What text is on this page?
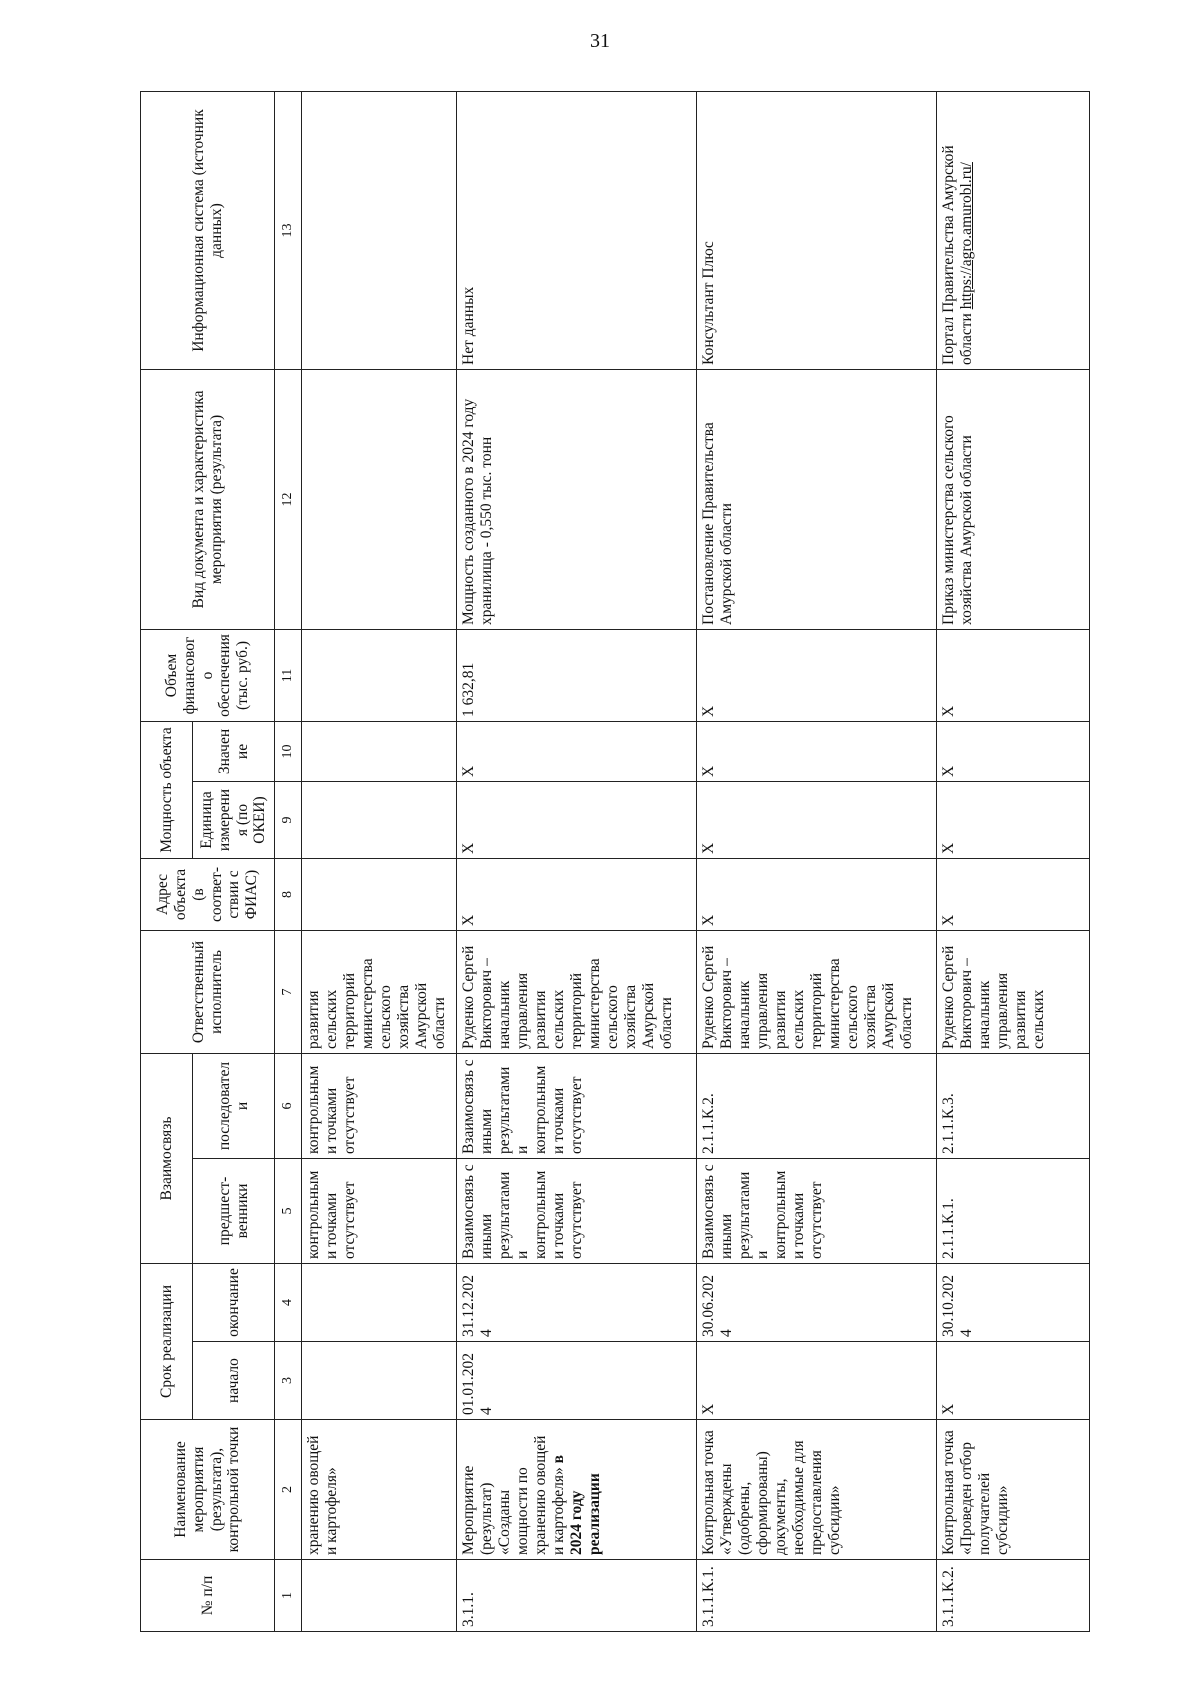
31
№ п/п	Наименование мероприятия (результата), контрольной точки	Срок реализации		Взаимосвязь		Ответственный исполнитель	Адрес объекта (в соответ-ствии с ФИАС)	Мощность объекта		Объем финансового обеспечения (тыс. руб.)	Вид документа и характеристика мероприятия (результата)	Информационная система (источник данных)
		начало	окончание	предшест-венники	последователи			Единица измерения (по ОКЕИ)	Значение			
1	2	3	4	5	6	7	8	9	10	11	12	13
	хранению овощей и картофеля»			контрольными точками отсутствует	контрольными точками отсутствует	развития сельских территорий министерства сельского хозяйства Амурской области						
3.1.1.	Мероприятие (результат) «Созданы мощности по хранению овощей и картофеля» в 2024 году реализации	01.01.2024	31.12.2024	Взаимосвязь с иными результатами и контрольными точками отсутствует	Взаимосвязь с иными результатами и контрольными точками отсутствует	Руденко Сергей Викторович – начальник управления развития сельских территорий министерства сельского хозяйства Амурской области	X	X	X	1 632,81	Мощность созданного в 2024 году хранилища - 0,550 тыс. тонн	Нет данных
3.1.1.К.1.	Контрольная точка «Утверждены (одобрены, сформированы) документы, необходимые для предоставления субсидии»	X	30.06.2024	Взаимосвязь с иными результатами и контрольными точками отсутствует	2.1.1.К.2.	Руденко Сергей Викторович – начальник управления развития сельских территорий министерства сельского хозяйства Амурской области	X	X	X	X	Постановление Правительства Амурской области	Консультант Плюс
3.1.1.К.2.	Контрольная точка «Проведен отбор получателей субсидии»	X	30.10.2024	2.1.1.К.1.	2.1.1.К.3.	Руденко Сергей Викторович – начальник управления развития сельских	X	X	X	X	Приказ министерства сельского хозяйства Амурской области	Портал Правительства Амурской области https://agro.amurobl.ru/
